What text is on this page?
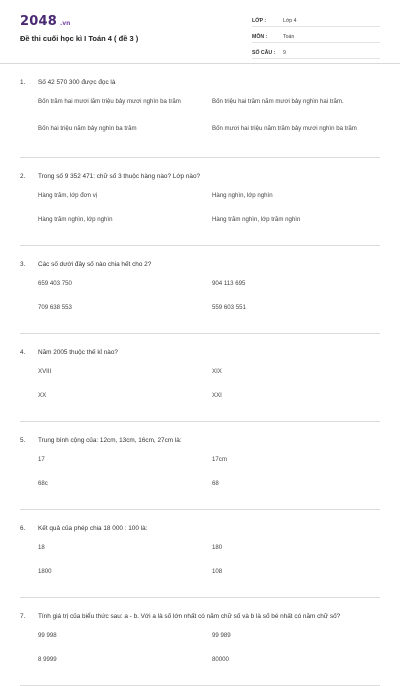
2048 .vn
Đề thi cuối học kì I Toán 4 ( đề 3 )
LỚP :	Lớp 4
MÔN :	Toán
SỐ CÂU :	9
1.	Số 42 570 300 được đọc là
Bốn trăm hai mươi lăm triệu bảy mươi nghìn ba trăm	Bốn triệu hai trăm năm mươi bảy nghìn hai trăm.
Bốn hai triệu năm bảy nghìn ba trăm	Bốn mươi hai triệu năm trăm bảy mươi nghìn ba trăm
2.	Trong số 9 352 471: chữ số 3 thuộc hàng nào? Lớp nào?
Hàng trăm, lớp đơn vị	Hàng nghìn, lớp nghìn
Hàng trăm nghìn, lớp nghìn	Hàng trăm nghìn, lớp trăm nghìn
3.	Các số dưới đây số nào chia hết cho 2?
659 403 750	904 113 695
709 638 553	559 603 551
4.	Năm 2005 thuộc thế kỉ nào?
XVIII	XIX
XX	XXI
5.	Trung bình cộng của: 12cm, 13cm, 16cm, 27cm là:
17	17cm
68c	68
6.	Kết quả của phép chia 18 000 : 100 là:
18	180
1800	108
7.	Tính giá trị của biểu thức sau: a - b. Với a là số lớn nhất có năm chữ số và b là số bé nhất có năm chữ số?
99 998	99 989
8 9999	80000
